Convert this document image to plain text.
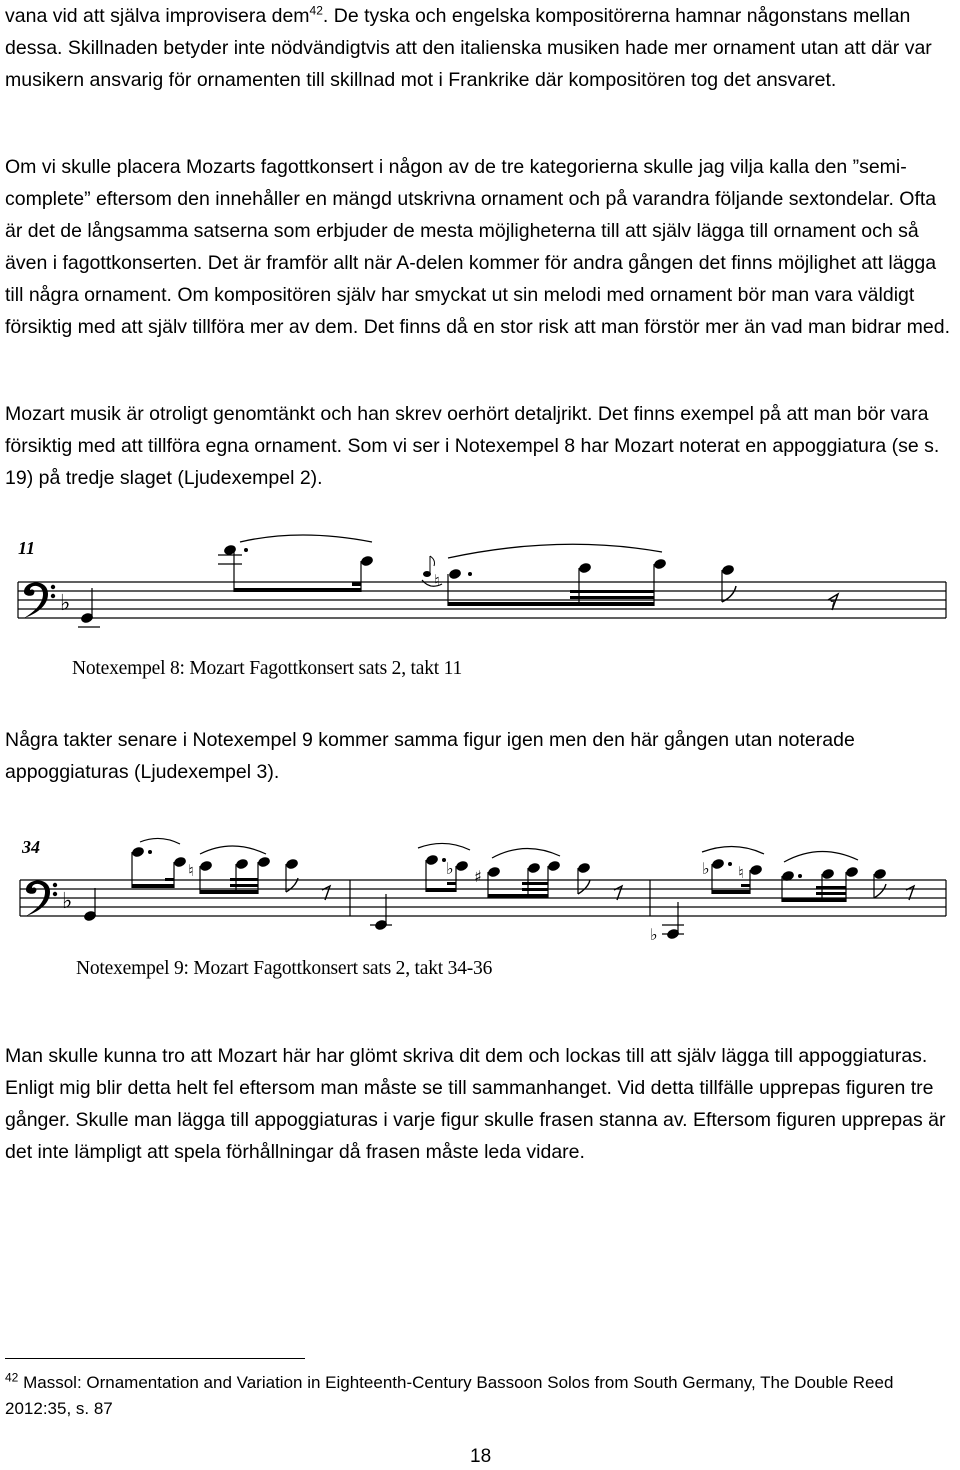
vana vid att själva improvisera dem$^{42}$. De tyska och engelska kompositörerna hamnar någonstans mellan dessa. Skillnaden betyder inte nödvändigtvis att den italienska musiken hade mer ornament utan att där var musikern ansvarig för ornamenten till skillnad mot i Frankrike där kompositören tog det ansvaret.

Om vi skulle placera Mozarts fagottkonsert i någon av de tre kategorierna skulle jag vilja kalla den ”semi-complete” eftersom den innehåller en mängd utskrivna ornament och på varandra följande sextondelar. Ofta är det de långsamma satserna som erbjuder de mesta möjligheterna till att själv lägga till ornament och så även i fagottkonserten. Det är framför allt när A-delen kommer för andra gången det finns möjlighet att lägga till några ornament. Om kompositören själv har smyckat ut sin melodi med ornament bör man vara väldigt försiktig med att själv tillföra mer av dem. Det finns då en stor risk att man förstör mer än vad man bidrar med.

Mozart musik är otroligt genomtänkt och han skrev oerhört detaljrikt. Det finns exempel på att man bör vara försiktig med att tillföra egna ornament. Som vi ser i Notexempel 8 har Mozart noterat en appoggiatura (se s. 19) på tredje slaget (Ljudexempel 2).

11
♭
♮
𝄾

Notexempel 8: Mozart Fagottkonsert sats 2, takt 11

Några takter senare i Notexempel 9 kommer samma figur igen men den här gången utan noterade appoggiaturas (Ljudexempel 3).

34
♭
♮	♭ ♯
♭
♭ ♮

Notexempel 9: Mozart Fagottkonsert sats 2, takt 34-36

Man skulle kunna tro att Mozart här har glömt skriva dit dem och lockas till att själv lägga till appoggiaturas. Enligt mig blir detta helt fel eftersom man måste se till sammanhanget. Vid detta tillfälle upprepas figuren tre gånger. Skulle man lägga till appoggiaturas i varje figur skulle frasen stanna av. Eftersom figuren upprepas är det inte lämpligt att spela förhållningar då frasen måste leda vidare.

$^{42}$ Massol: Ornamentation and Variation in Eighteenth-Century Bassoon Solos from South Germany, The Double Reed 2012:35, s. 87

18
